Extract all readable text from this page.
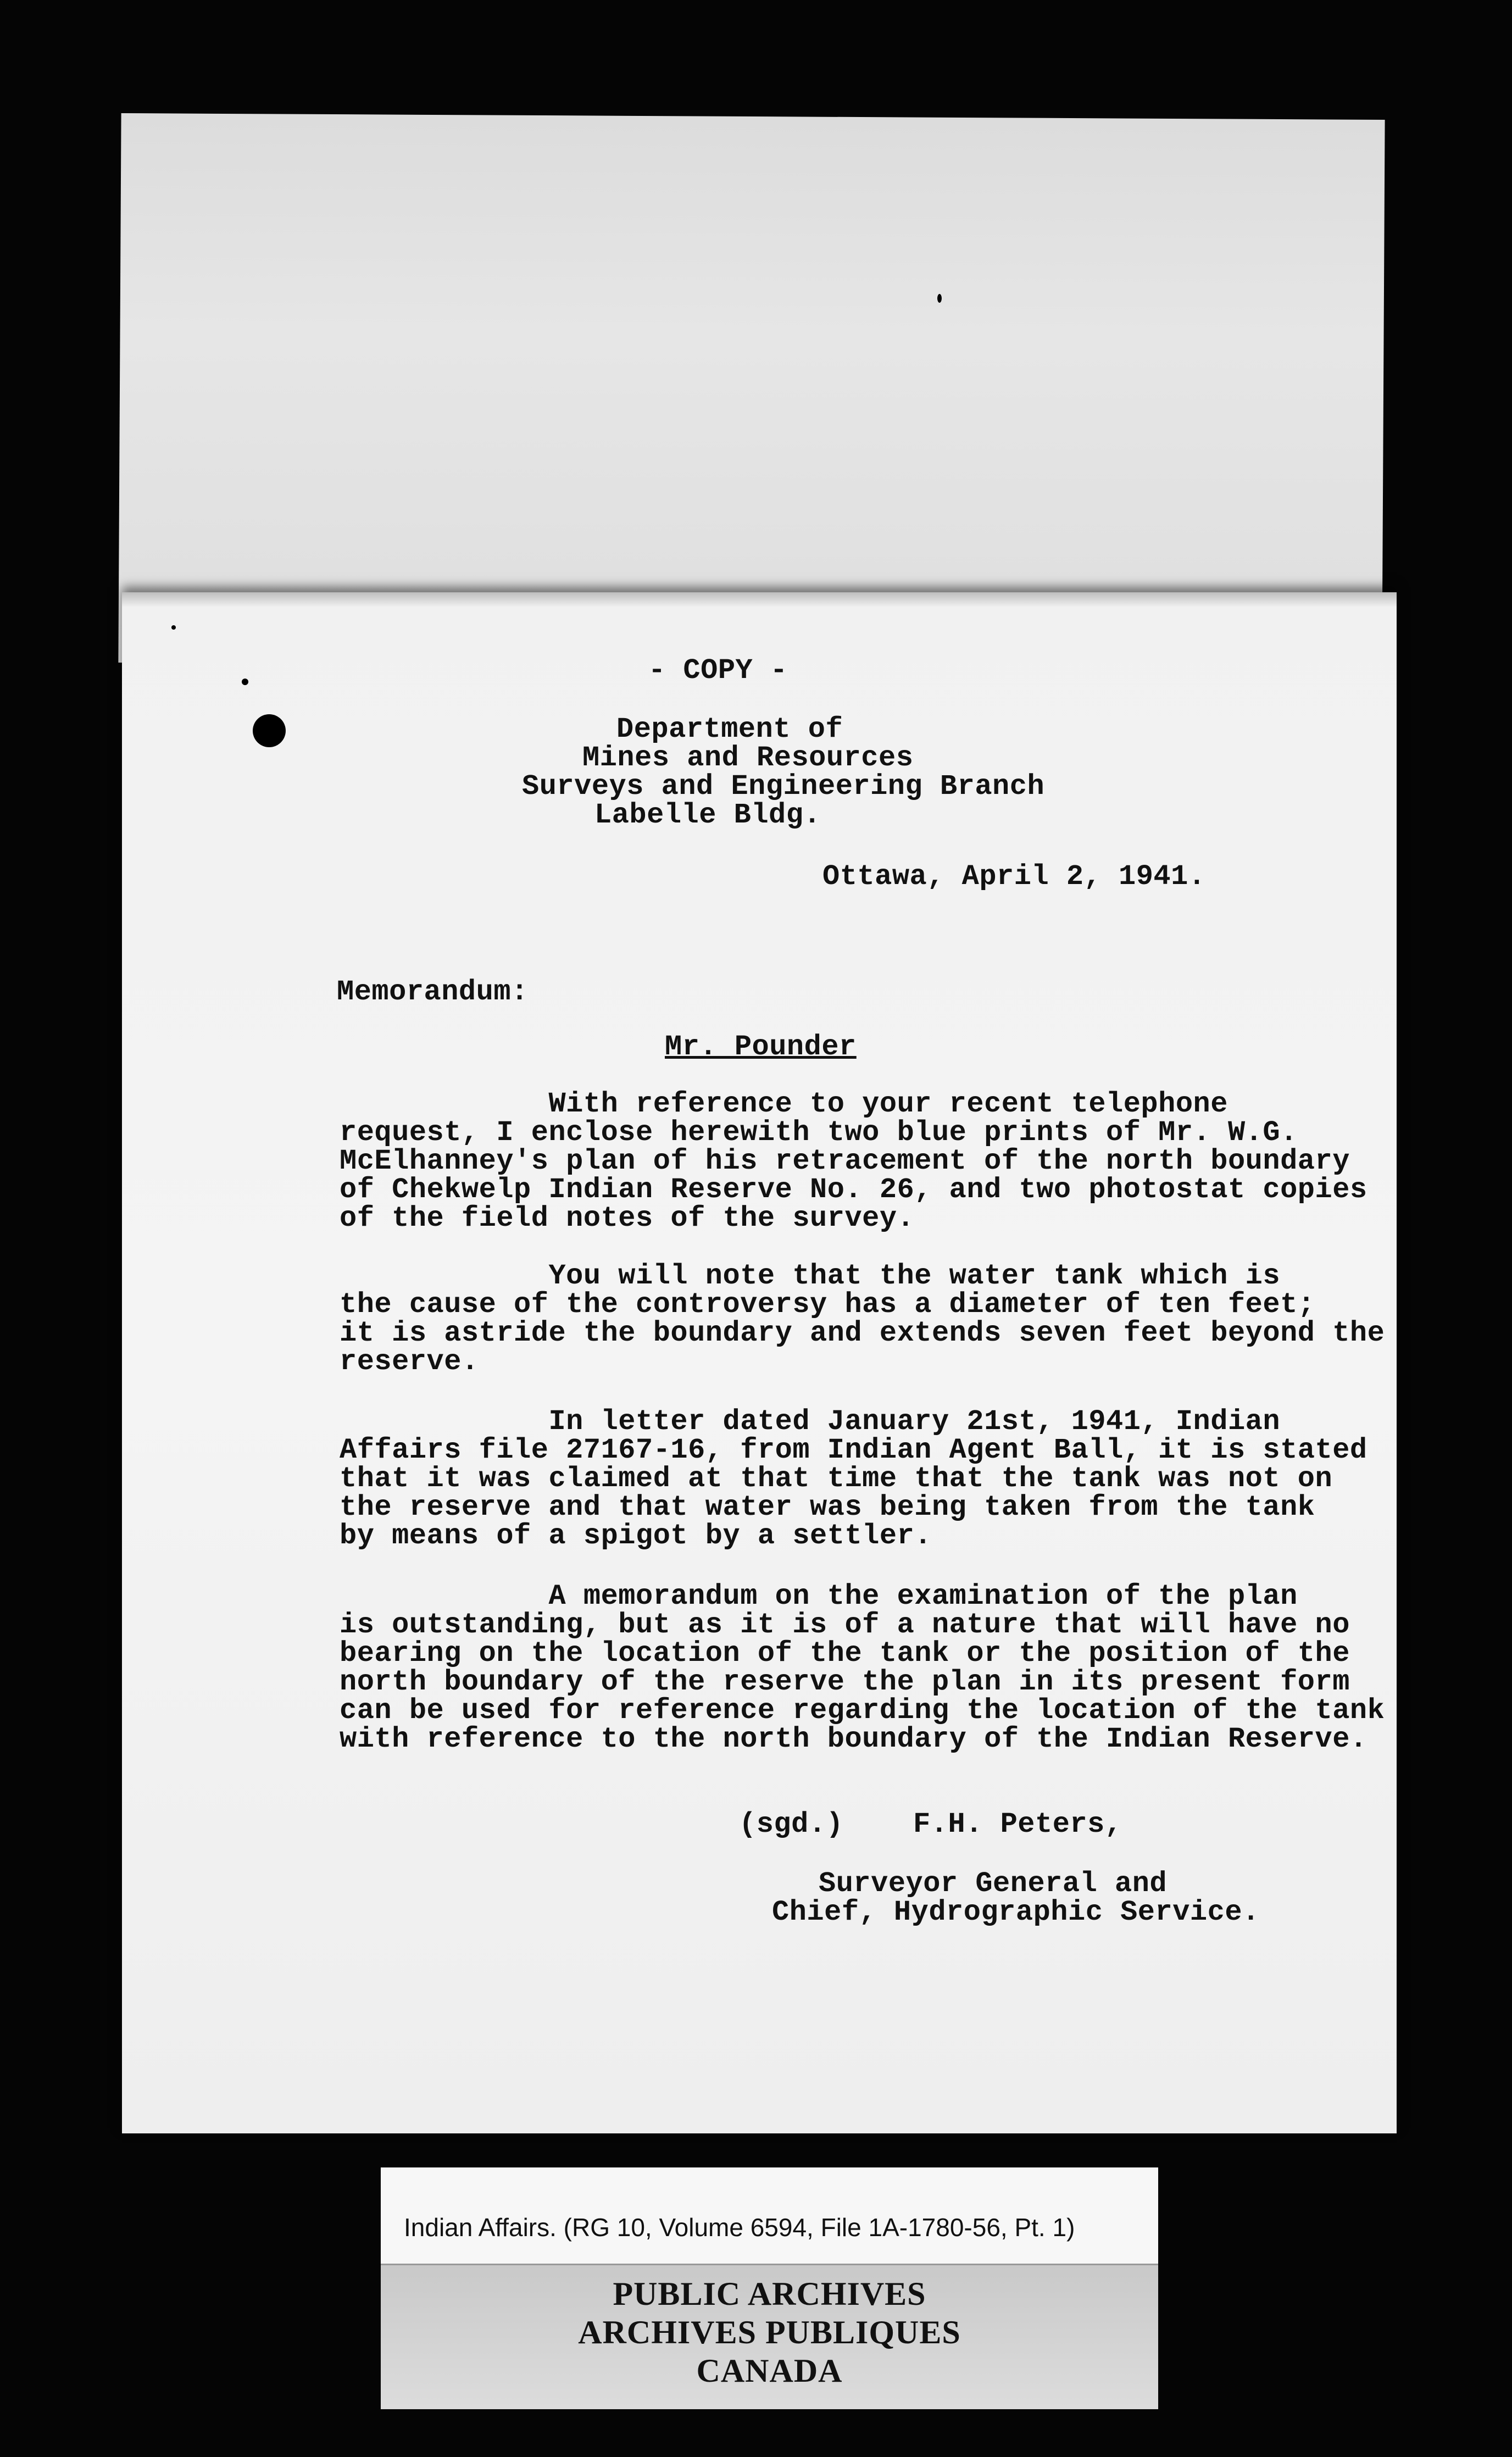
- COPY -
Department of
Mines and Resources
Surveys and Engineering Branch
Labelle Bldg.
Ottawa, April 2, 1941.
Memorandum:
Mr. Pounder
With reference to your recent telephone
request, I enclose herewith two blue prints of Mr. W.G.
McElhanney's plan of his retracement of the north boundary
of Chekwelp Indian Reserve No. 26, and two photostat copies
of the field notes of the survey.
You will note that the water tank which is
the cause of the controversy has a diameter of ten feet;
it is astride the boundary and extends seven feet beyond the
reserve.
In letter dated January 21st, 1941, Indian
Affairs file 27167-16, from Indian Agent Ball, it is stated
that it was claimed at that time that the tank was not on
the reserve and that water was being taken from the tank
by means of a spigot by a settler.
A memorandum on the examination of the plan
is outstanding, but as it is of a nature that will have no
bearing on the location of the tank or the position of the
north boundary of the reserve the plan in its present form
can be used for reference regarding the location of the tank
with reference to the north boundary of the Indian Reserve.
(sgd.)    F.H. Peters,
Surveyor General and
Chief, Hydrographic Service.
Indian Affairs. (RG 10, Volume 6594, File 1A-1780-56, Pt. 1)
PUBLIC ARCHIVES
ARCHIVES PUBLIQUES
CANADA
